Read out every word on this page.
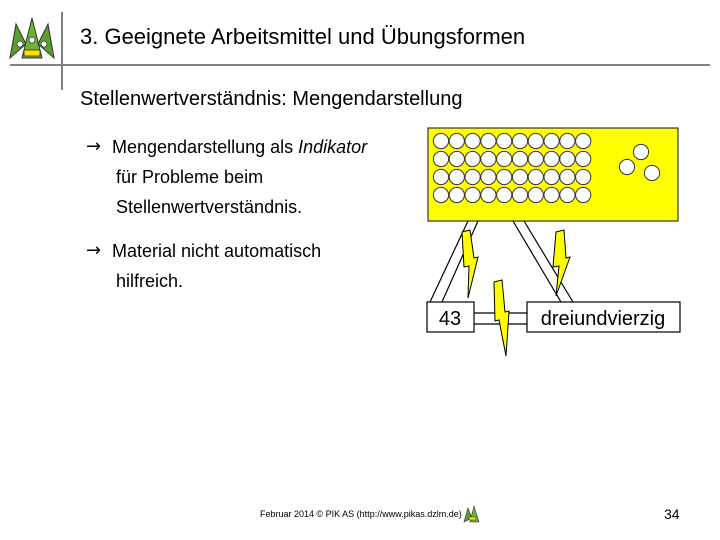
3. Geeignete Arbeitsmittel und Übungsformen
Stellenwertverständnis: Mengendarstellung
→ Mengendarstellung als Indikator
für Probleme beim
Stellenwertverständnis.
→ Material nicht automatisch
hilfreich.
43	dreiundvierzig
Februar 2014 © PIK AS (http://www.pikas.dzlm.de)	34
